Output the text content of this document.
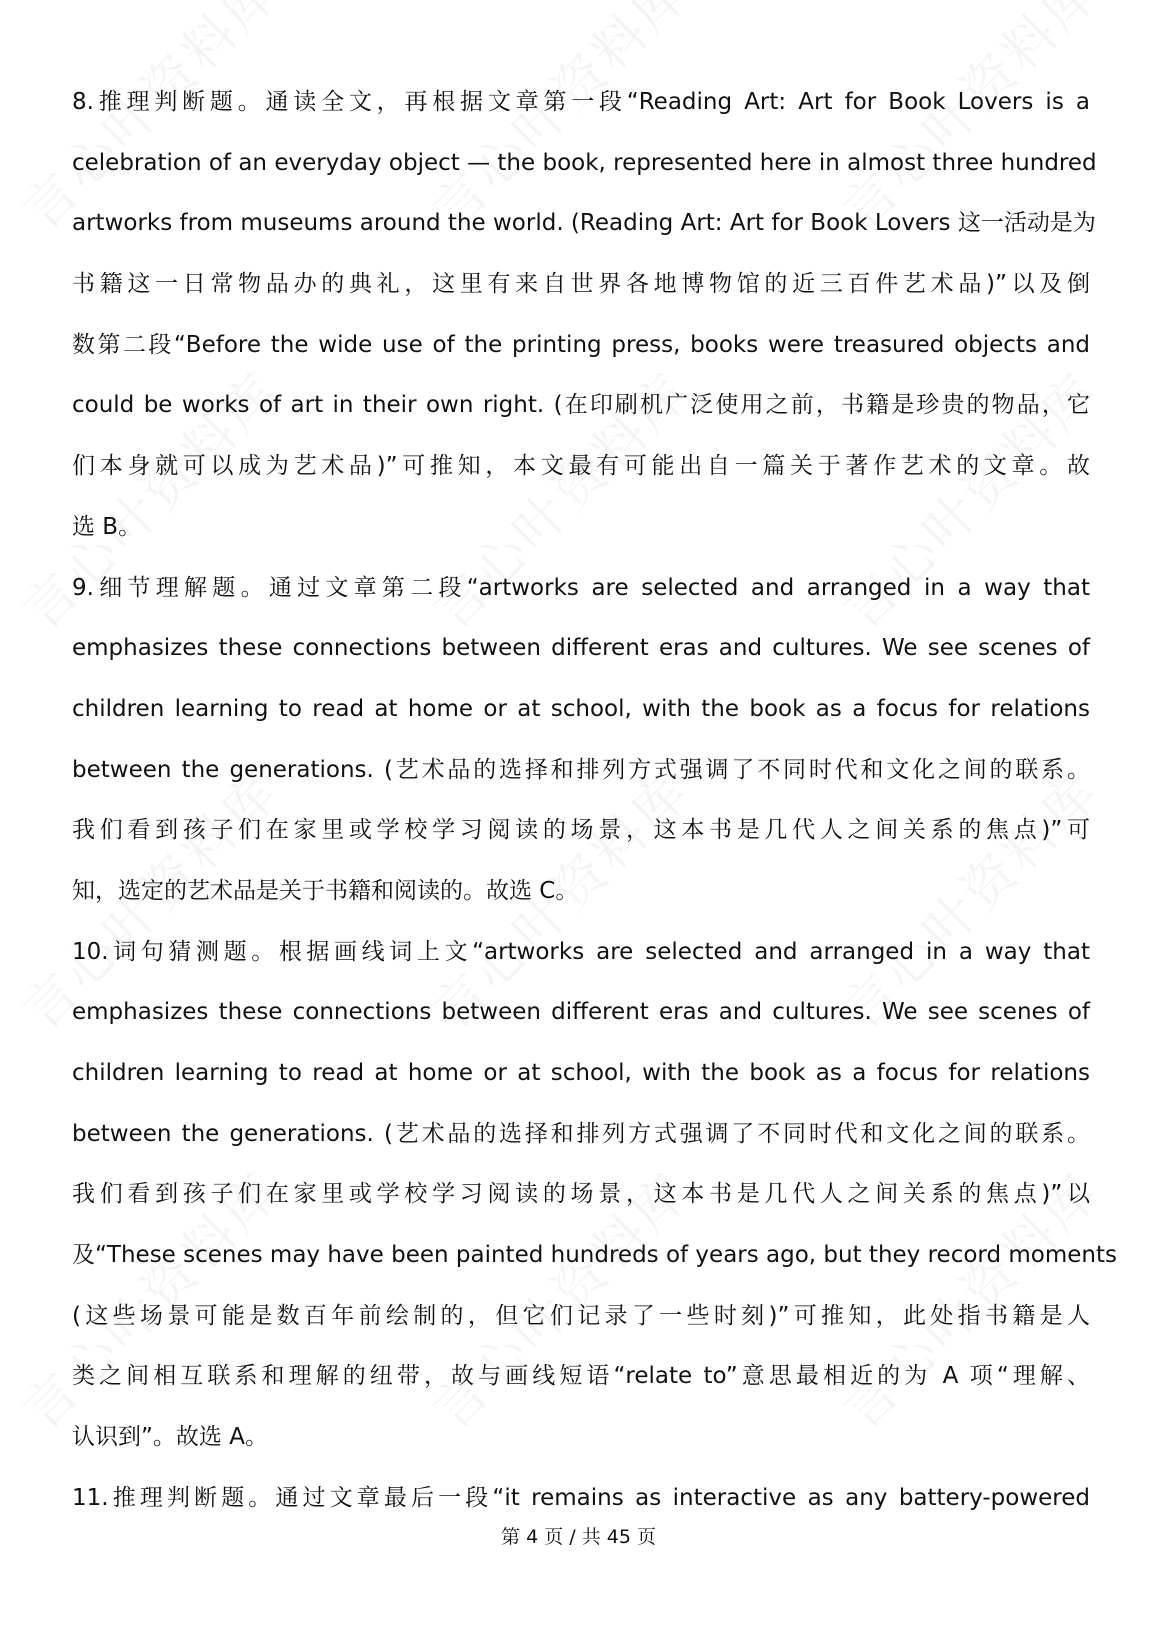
8.推理判断题。通读全文，再根据文章第一段“Reading Art: Art for Book Lovers is a
celebration of an everyday object — the book, represented here in almost three hundred
artworks from museums around the world. (Reading Art: Art for Book Lovers 这一活动是为
书籍这一日常物品办的典礼，这里有来自世界各地博物馆的近三百件艺术品)”以及倒
数第二段“Before the wide use of the printing press, books were treasured objects and
could be works of art in their own right. (在印刷机广泛使用之前，书籍是珍贵的物品，它
们本身就可以成为艺术品)”可推知，本文最有可能出自一篇关于著作艺术的文章。故
选 B。
9.细节理解题。通过文章第二段“artworks are selected and arranged in a way that
emphasizes these connections between different eras and cultures. We see scenes of
children learning to read at home or at school, with the book as a focus for relations
between the generations. (艺术品的选择和排列方式强调了不同时代和文化之间的联系。
我们看到孩子们在家里或学校学习阅读的场景，这本书是几代人之间关系的焦点)”可
知，选定的艺术品是关于书籍和阅读的。故选 C。
10.词句猜测题。根据画线词上文“artworks are selected and arranged in a way that
emphasizes these connections between different eras and cultures. We see scenes of
children learning to read at home or at school, with the book as a focus for relations
between the generations. (艺术品的选择和排列方式强调了不同时代和文化之间的联系。
我们看到孩子们在家里或学校学习阅读的场景，这本书是几代人之间关系的焦点)”以
及“These scenes may have been painted hundreds of years ago, but they record moments
(这些场景可能是数百年前绘制的，但它们记录了一些时刻)”可推知，此处指书籍是人
类之间相互联系和理解的纽带，故与画线短语“relate to”意思最相近的为 A 项“理解、
认识到”。故选 A。
11.推理判断题。通过文章最后一段“it remains as interactive as any battery-powered
第 4 页 / 共 45 页
